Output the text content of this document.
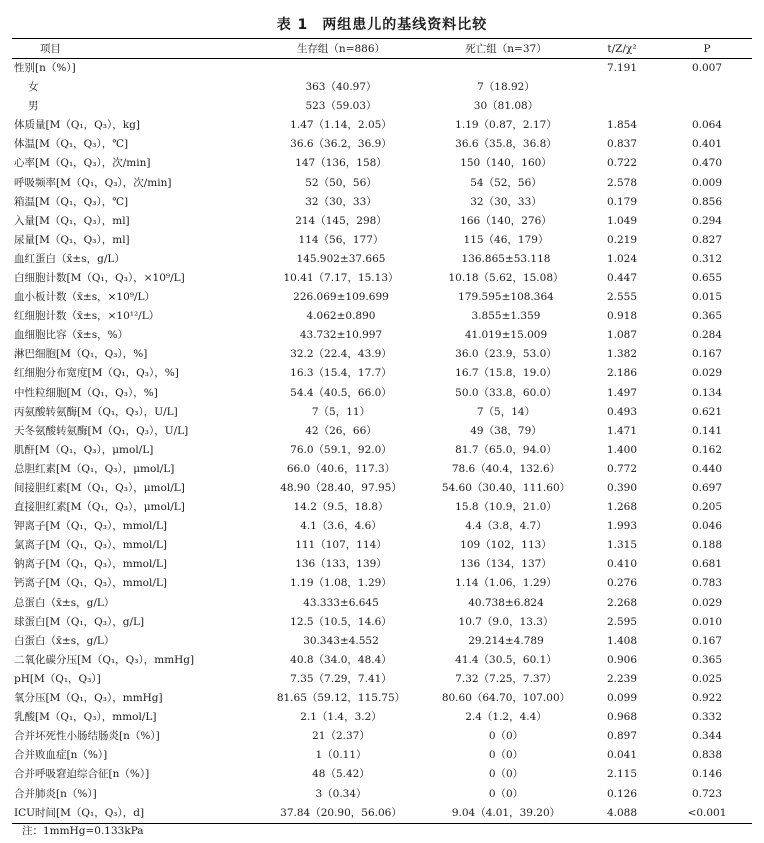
表 1 两组患儿的基线资料比较
项目	生存组（n=886）	死亡组（n=37）	t/Z/χ²	P
性别[n（%）]			7.191	0.007
女	363（40.97）	7（18.92）		
男	523（59.03）	30（81.08）		
体质量[M（Q₁，Q₃），kg]	1.47（1.14，2.05）	1.19（0.87，2.17）	1.854	0.064
体温[M（Q₁，Q₃），℃]	36.6（36.2，36.9）	36.6（35.8，36.8）	0.837	0.401
心率[M（Q₁，Q₃），次/min]	147（136，158）	150（140，160）	0.722	0.470
呼吸频率[M（Q₁，Q₃），次/min]	52（50，56）	54（52，56）	2.578	0.009
箱温[M（Q₁，Q₃），℃]	32（30，33）	32（30，33）	0.179	0.856
入量[M（Q₁，Q₃），ml]	214（145，298）	166（140，276）	1.049	0.294
尿量[M（Q₁，Q₃），ml]	114（56，177）	115（46，179）	0.219	0.827
血红蛋白（x̄±s，g/L）	145.902±37.665	136.865±53.118	1.024	0.312
白细胞计数[M（Q₁，Q₃），×10⁹/L]	10.41（7.17，15.13）	10.18（5.62，15.08）	0.447	0.655
血小板计数（x̄±s，×10⁹/L）	226.069±109.699	179.595±108.364	2.555	0.015
红细胞计数（x̄±s，×10¹²/L）	4.062±0.890	3.855±1.359	0.918	0.365
血细胞比容（x̄±s，%）	43.732±10.997	41.019±15.009	1.087	0.284
淋巴细胞[M（Q₁，Q₃），%]	32.2（22.4，43.9）	36.0（23.9，53.0）	1.382	0.167
红细胞分布宽度[M（Q₁，Q₃），%]	16.3（15.4，17.7）	16.7（15.8，19.0）	2.186	0.029
中性粒细胞[M（Q₁，Q₃），%]	54.4（40.5，66.0）	50.0（33.8，60.0）	1.497	0.134
丙氨酸转氨酶[M（Q₁，Q₃），U/L]	7（5，11）	7（5，14）	0.493	0.621
天冬氨酸转氨酶[M（Q₁，Q₃），U/L]	42（26，66）	49（38，79）	1.471	0.141
肌酐[M（Q₁，Q₃），μmol/L]	76.0（59.1，92.0）	81.7（65.0，94.0）	1.400	0.162
总胆红素[M（Q₁，Q₃），μmol/L]	66.0（40.6，117.3）	78.6（40.4，132.6）	0.772	0.440
间接胆红素[M（Q₁，Q₃），μmol/L]	48.90（28.40，97.95）	54.60（30.40，111.60）	0.390	0.697
直接胆红素[M（Q₁，Q₃），μmol/L]	14.2（9.5，18.8）	15.8（10.9，21.0）	1.268	0.205
钾离子[M（Q₁，Q₃），mmol/L]	4.1（3.6，4.6）	4.4（3.8，4.7）	1.993	0.046
氯离子[M（Q₁，Q₃），mmol/L]	111（107，114）	109（102，113）	1.315	0.188
钠离子[M（Q₁，Q₃），mmol/L]	136（133，139）	136（134，137）	0.410	0.681
钙离子[M（Q₁，Q₃），mmol/L]	1.19（1.08，1.29）	1.14（1.06，1.29）	0.276	0.783
总蛋白（x̄±s，g/L）	43.333±6.645	40.738±6.824	2.268	0.029
球蛋白[M（Q₁，Q₃），g/L]	12.5（10.5，14.6）	10.7（9.0，13.3）	2.595	0.010
白蛋白（x̄±s，g/L）	30.343±4.552	29.214±4.789	1.408	0.167
二氧化碳分压[M（Q₁，Q₃），mmHg]	40.8（34.0，48.4）	41.4（30.5，60.1）	0.906	0.365
pH[M（Q₁，Q₃）]	7.35（7.29，7.41）	7.32（7.25，7.37）	2.239	0.025
氧分压[M（Q₁，Q₃），mmHg]	81.65（59.12，115.75）	80.60（64.70，107.00）	0.099	0.922
乳酸[M（Q₁，Q₃），mmol/L]	2.1（1.4，3.2）	2.4（1.2，4.4）	0.968	0.332
合并坏死性小肠结肠炎[n（%）]	21（2.37）	0（0）	0.897	0.344
合并败血症[n（%）]	1（0.11）	0（0）	0.041	0.838
合并呼吸窘迫综合征[n（%）]	48（5.42）	0（0）	2.115	0.146
合并肺炎[n（%）]	3（0.34）	0（0）	0.126	0.723
ICU时间[M（Q₁，Q₃），d]	37.84（20.90，56.06）	9.04（4.01，39.20）	4.088	<0.001
注：1mmHg=0.133kPa
